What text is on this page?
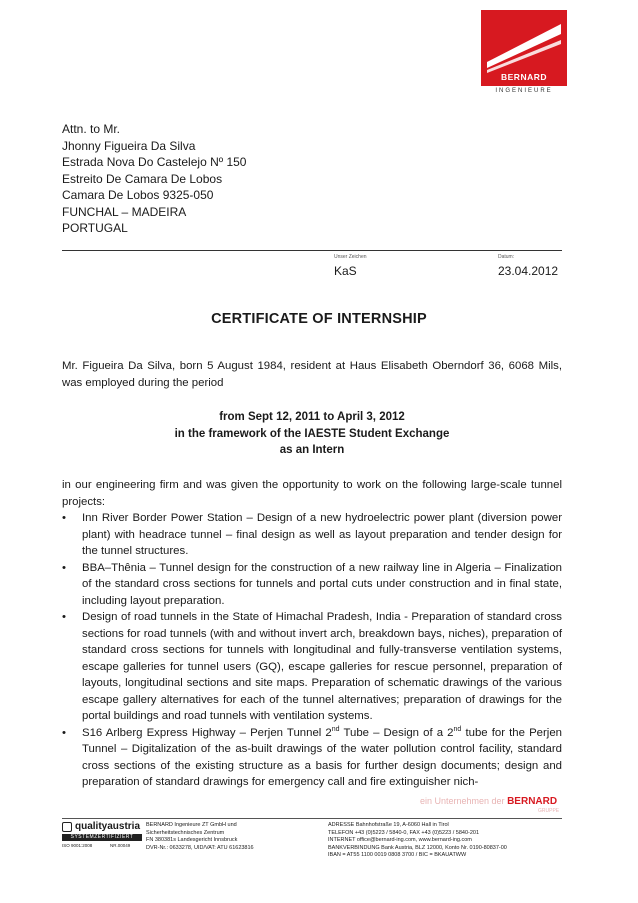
BERNARD
INGENIEURE
Attn. to Mr.
Jhonny Figueira Da Silva
Estrada Nova Do Castelejo Nº 150
Estreito De Camara De Lobos
Camara De Lobos 9325-050
FUNCHAL – MADEIRA
PORTUGAL
Unser Zeichen
KaS
Datum:
23.04.2012
CERTIFICATE OF INTERNSHIP
Mr. Figueira Da Silva, born 5 August 1984, resident at Haus Elisabeth Oberndorf 36, 6068 Mils, was employed during the period
from Sept 12, 2011 to April 3, 2012
in the framework of the IAESTE Student Exchange
as an Intern
in our engineering firm and was given the opportunity to work on the following large-scale tunnel projects:
• Inn River Border Power Station – Design of a new hydroelectric power plant (diversion power plant) with headrace tunnel – final design as well as layout preparation and tender design for the tunnel structures.
• BBA–Thênia – Tunnel design for the construction of a new railway line in Algeria – Finalization of the standard cross sections for tunnels and portal cuts under construction and in final state, including layout preparation.
• Design of road tunnels in the State of Himachal Pradesh, India - Preparation of standard cross sections for road tunnels (with and without invert arch, breakdown bays, niches), preparation of standard cross sections for tunnels with longitudinal and fully-transverse ventilation systems, escape galleries for tunnel users (GQ), escape galleries for rescue personnel, preparation of layouts, longitudinal sections and site maps. Preparation of schematic drawings of the various escape gallery alternatives for each of the tunnel alternatives; preparation of drawings for the portal buildings and road tunnels with ventilation systems.
• S16 Arlberg Express Highway – Perjen Tunnel 2nd Tube – Design of a 2nd tube for the Perjen Tunnel – Digitalization of the as-built drawings of the water pollution control facility, standard cross sections of the existing structure as a basis for further design documents; design and preparation of standard drawings for emergency call and fire extinguisher nich-
ein Unternehmen der BERNARD
GRUPPE
qualityaustria
SYSTEMZERTIFIZIERT
ISO 9001:2008	NR.00049
BERNARD Ingenieure ZT GmbH und
Sicherheitstechnisches Zentrum
FN 380381s Landesgericht Innsbruck
DVR-Nr.: 0633278, UID/VAT: ATU 61623816
ADRESSE Bahnhofstraße 19, A-6060 Hall in Tirol
TELEFON +43 (0)5223 / 5840-0, FAX +43 (0)5223 / 5840-201
INTERNET office@bernard-ing.com, www.bernard-ing.com
BANKVERBINDUNG Bank Austria, BLZ 12000, Konto Nr. 0190-80837-00
IBAN = AT55 1100 0019 0808 3700 / BIC = BKAUATWW
